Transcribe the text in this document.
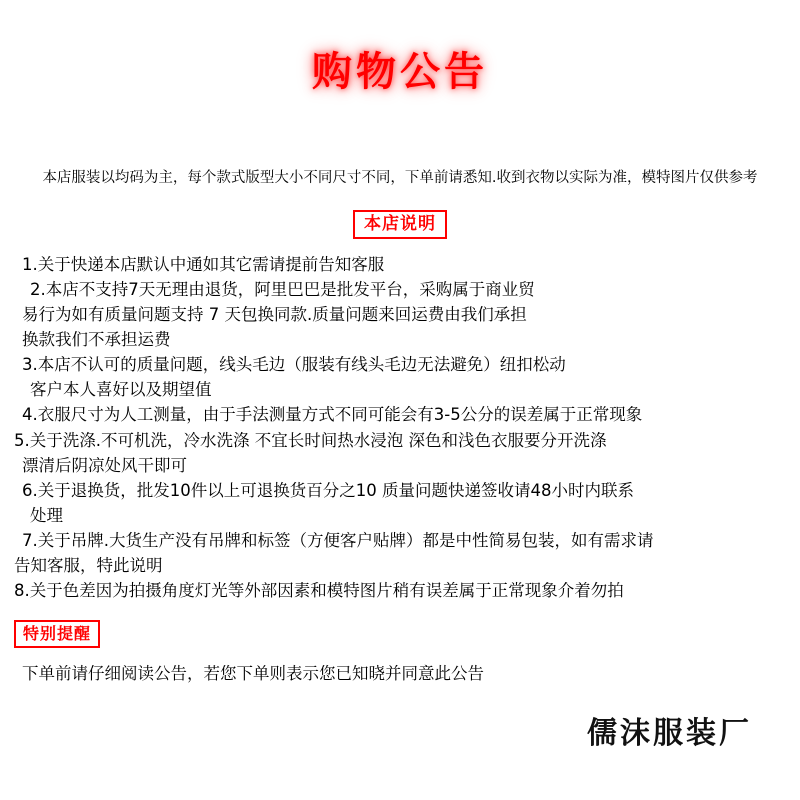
购物公告
本店服装以均码为主，每个款式版型大小不同尺寸不同，下单前请悉知.收到衣物以实际为准，模特图片仅供参考
本店说明
1.关于快递本店默认中通如其它需请提前告知客服
2.本店不支持7天无理由退货，阿里巴巴是批发平台，采购属于商业贸
易行为如有质量问题支持 7 天包换同款.质量问题来回运费由我们承担
换款我们不承担运费
3.本店不认可的质量问题，线头毛边（服装有线头毛边无法避免）纽扣松动
客户本人喜好以及期望值
4.衣服尺寸为人工测量，由于手法测量方式不同可能会有3-5公分的误差属于正常现象
5.关于洗涤.不可机洗，冷水洗涤 不宜长时间热水浸泡 深色和浅色衣服要分开洗涤
漂清后阴凉处风干即可
6.关于退换货，批发10件以上可退换货百分之10 质量问题快递签收请48小时内联系
处理
7.关于吊牌.大货生产没有吊牌和标签（方便客户贴牌）都是中性简易包装，如有需求请
告知客服，特此说明
8.关于色差因为拍摄角度灯光等外部因素和模特图片稍有误差属于正常现象介着勿拍
特别提醒
下单前请仔细阅读公告，若您下单则表示您已知晓并同意此公告
儒沫服装厂
